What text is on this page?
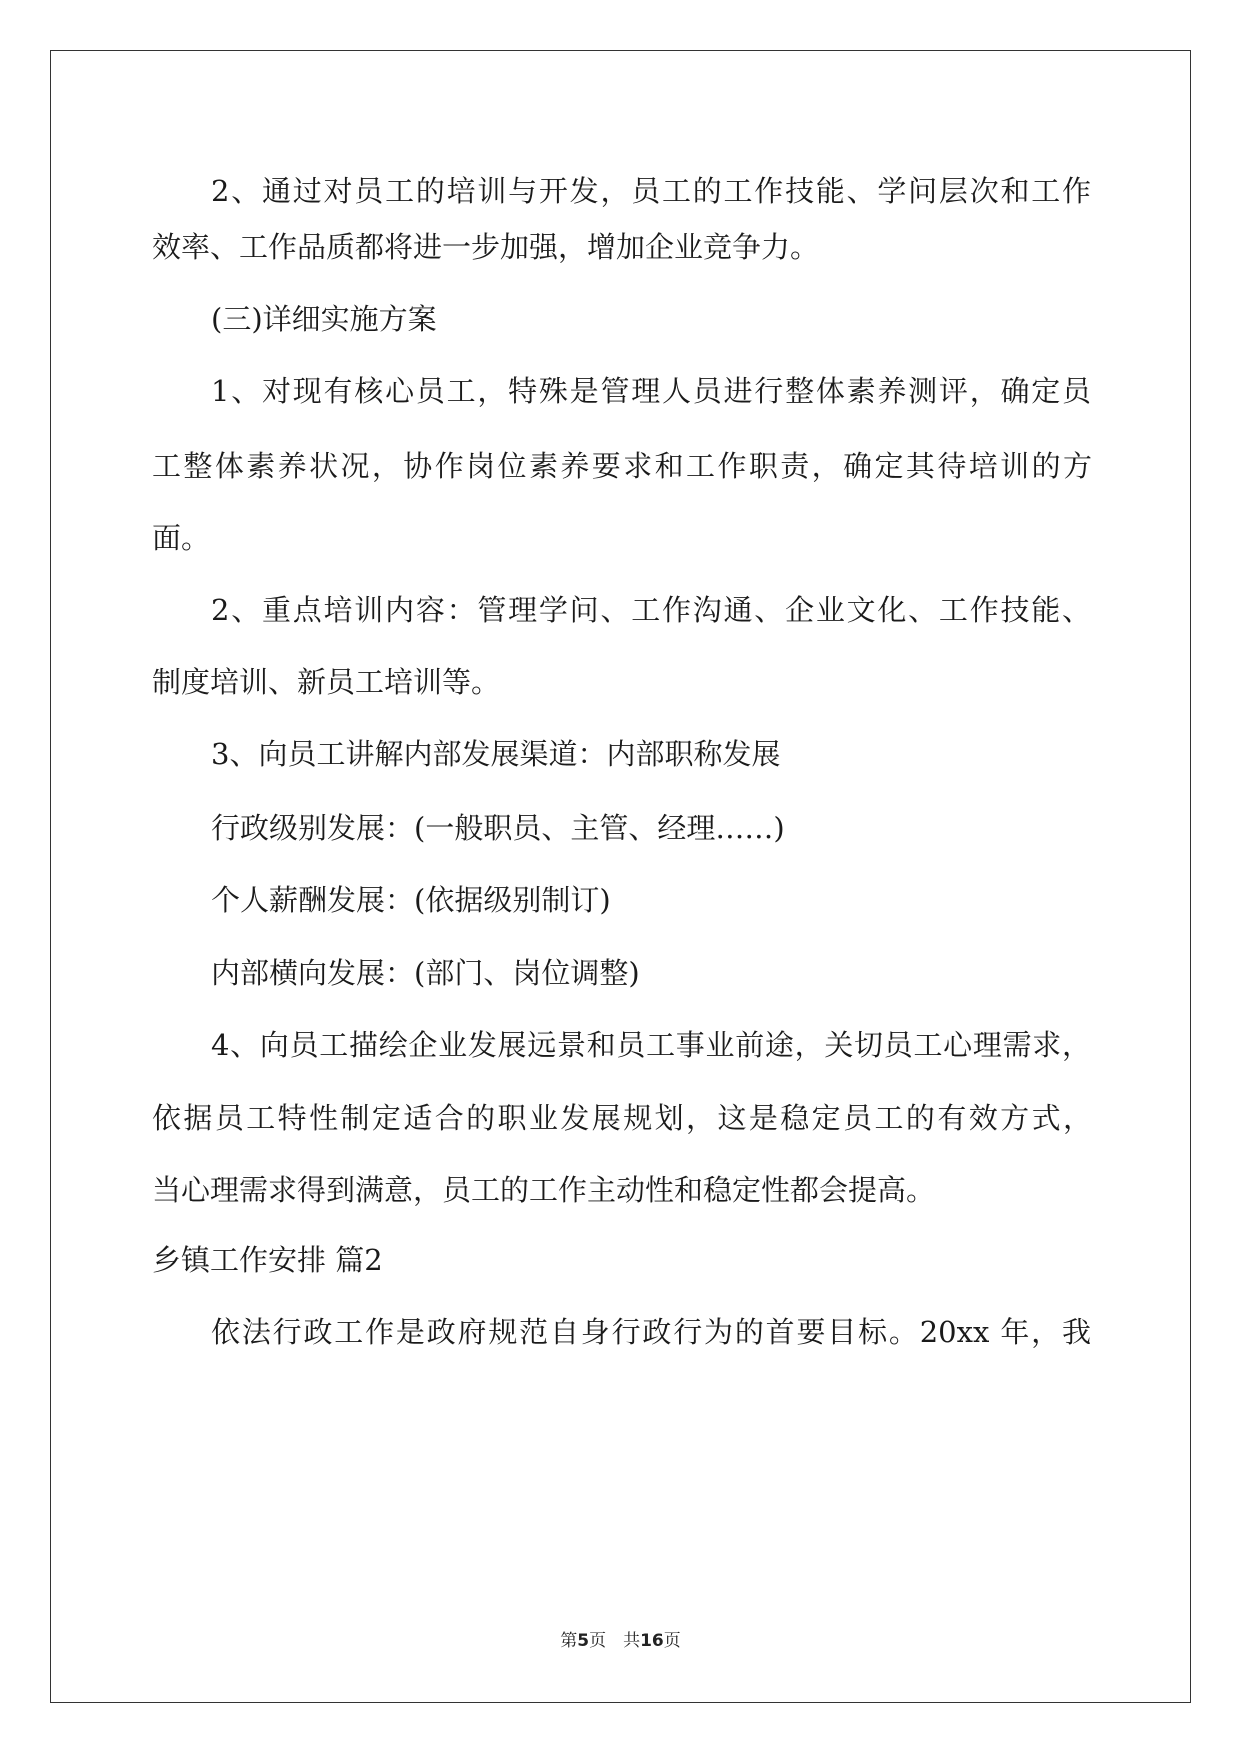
2、通过对员工的培训与开发，员工的工作技能、学问层次和工作
效率、工作品质都将进一步加强，增加企业竞争力。
(三)详细实施方案
1、对现有核心员工，特殊是管理人员进行整体素养测评，确定员
工整体素养状况，协作岗位素养要求和工作职责，确定其待培训的方
面。
2、重点培训内容：管理学问、工作沟通、企业文化、工作技能、
制度培训、新员工培训等。
3、向员工讲解内部发展渠道：内部职称发展
行政级别发展：(一般职员、主管、经理……)
个人薪酬发展：(依据级别制订)
内部横向发展：(部门、岗位调整)
4、向员工描绘企业发展远景和员工事业前途，关切员工心理需求，
依据员工特性制定适合的职业发展规划，这是稳定员工的有效方式，
当心理需求得到满意，员工的工作主动性和稳定性都会提高。
乡镇工作安排 篇2
依法行政工作是政府规范自身行政行为的首要目标。20xx 年，我
第5页　共16页
